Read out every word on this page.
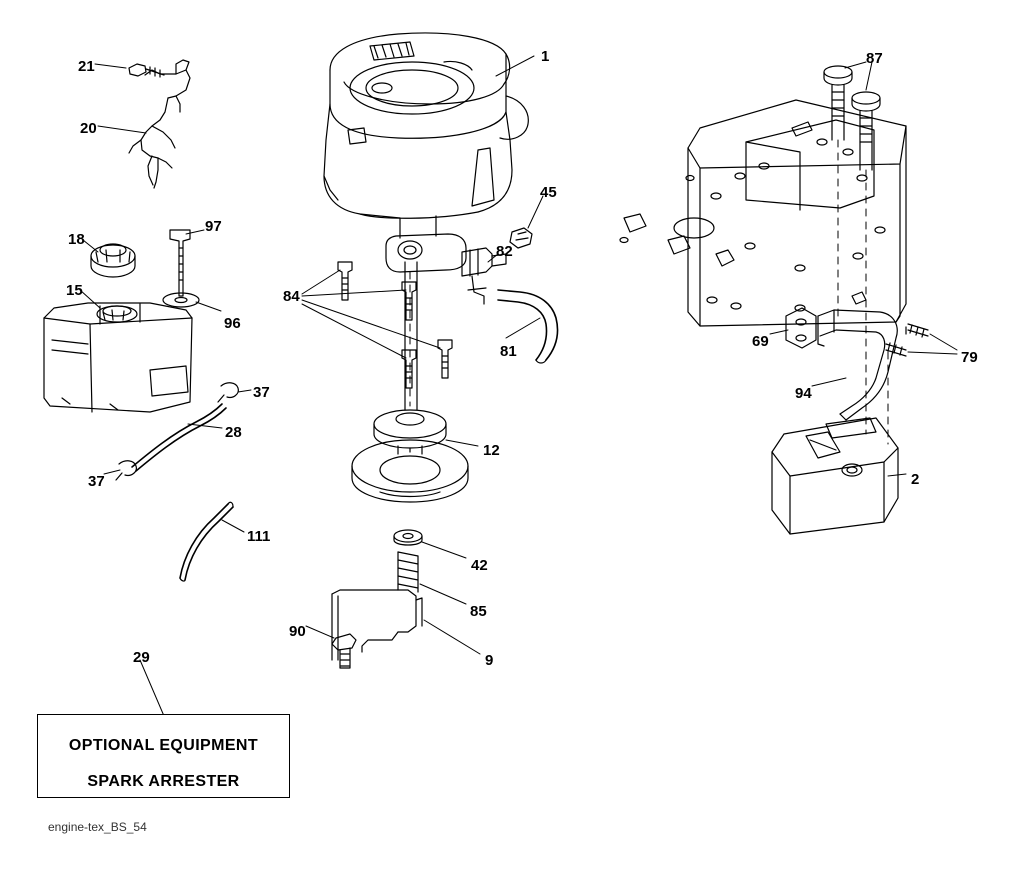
OPTIONAL EQUIPMENT
SPARK ARRESTER
engine-tex_BS_54
21
20
1	87
45
97
18
82
15	84
96
81
69
79
37	94
28
12
37	2
111
42
85
90
9
29
